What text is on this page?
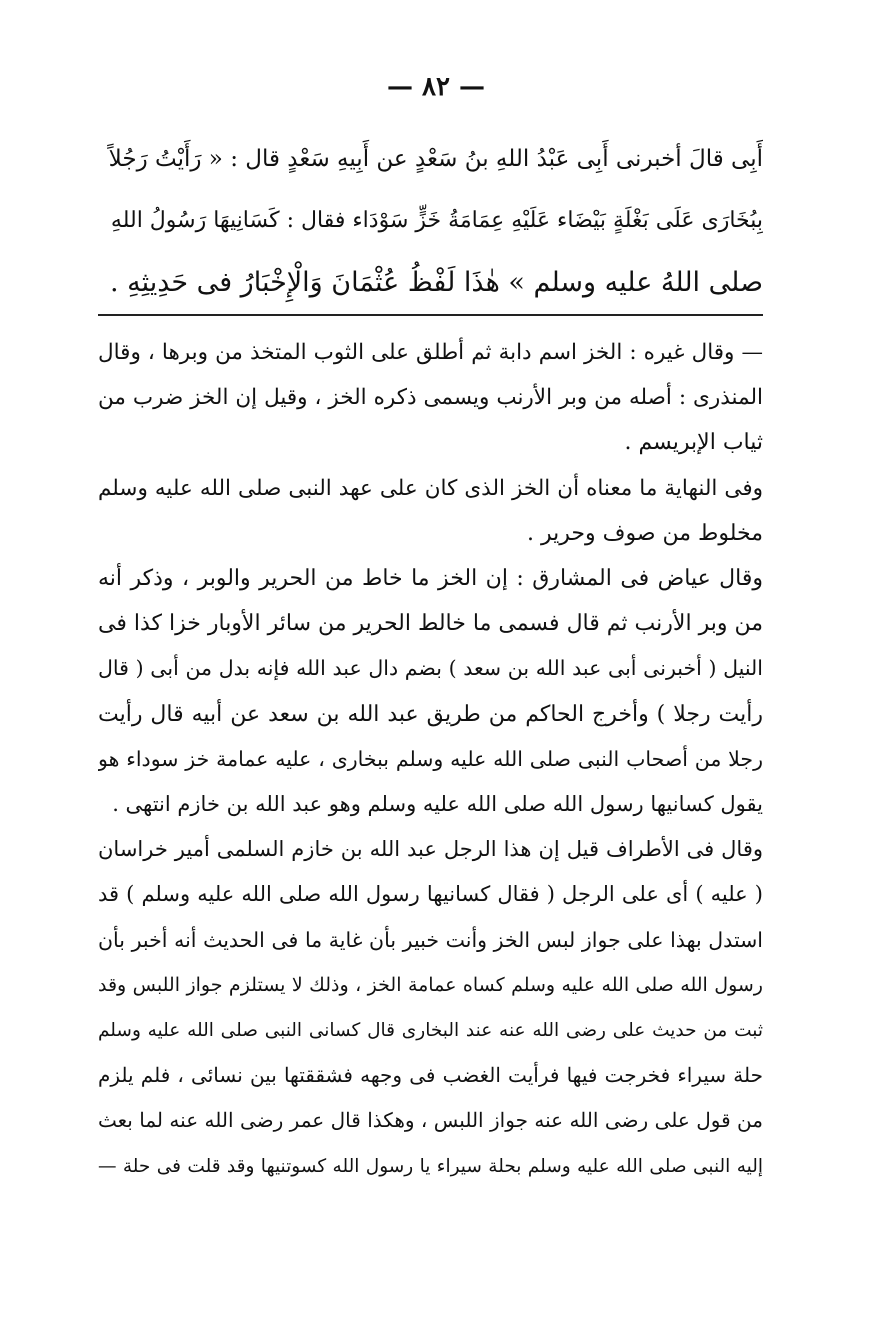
— ٨٢ —
أَبِى قالَ أخبرنى أَبِى عَبْدُ اللهِ بنُ سَعْدٍ عن أَبِيهِ سَعْدٍ قال : « رَأَيْتُ رَجُلاً
بِبُخَارَى عَلَى بَغْلَةٍ بَيْضَاء عَلَيْهِ عِمَامَةُ خَزٍّ سَوْدَاء فقال : كَسَانِيهَا رَسُولُ اللهِ
صلى اللهُ عليه وسلم » هٰذَا لَفْظُ عُثْمَانَ وَالْإِخْبَارُ فى حَدِيثِهِ .
— وقال غيره : الخز اسم دابة ثم أطلق على الثوب المتخذ من وبرها ، وقال
المنذرى : أصله من وبر الأرنب ويسمى ذكره الخز ، وقيل إن الخز ضرب من
ثياب الإبريسم .
وفى النهاية ما معناه أن الخز الذى كان على عهد النبى صلى الله عليه وسلم
مخلوط من صوف وحرير .
وقال عياض فى المشارق : إن الخز ما خاط من الحرير والوبر ، وذكر أنه
من وبر الأرنب ثم قال فسمى ما خالط الحرير من سائر الأوبار خزا كذا فى
النيل ( أخبرنى أبى عبد الله بن سعد ) بضم دال عبد الله فإنه بدل من أبى ( قال
رأيت رجلا ) وأخرج الحاكم من طريق عبد الله بن سعد عن أبيه قال رأيت
رجلا من أصحاب النبى صلى الله عليه وسلم ببخارى ، عليه عمامة خز سوداء هو
يقول كسانيها رسول الله صلى الله عليه وسلم وهو عبد الله بن خازم انتهى .
وقال فى الأطراف قيل إن هذا الرجل عبد الله بن خازم السلمى أمير خراسان
( عليه ) أى على الرجل ( فقال كسانيها رسول الله صلى الله عليه وسلم ) قد
استدل بهذا على جواز لبس الخز وأنت خبير بأن غاية ما فى الحديث أنه أخبر بأن
رسول الله صلى الله عليه وسلم كساه عمامة الخز ، وذلك لا يستلزم جواز اللبس وقد
ثبت من حديث على رضى الله عنه عند البخارى قال كسانى النبى صلى الله عليه وسلم
حلة سيراء فخرجت فيها فرأيت الغضب فى وجهه فشققتها بين نسائى ، فلم يلزم
من قول على رضى الله عنه جواز اللبس ، وهكذا قال عمر رضى الله عنه لما بعث
إليه النبى صلى الله عليه وسلم بحلة سيراء يا رسول الله كسوتنيها وقد قلت فى حلة —
